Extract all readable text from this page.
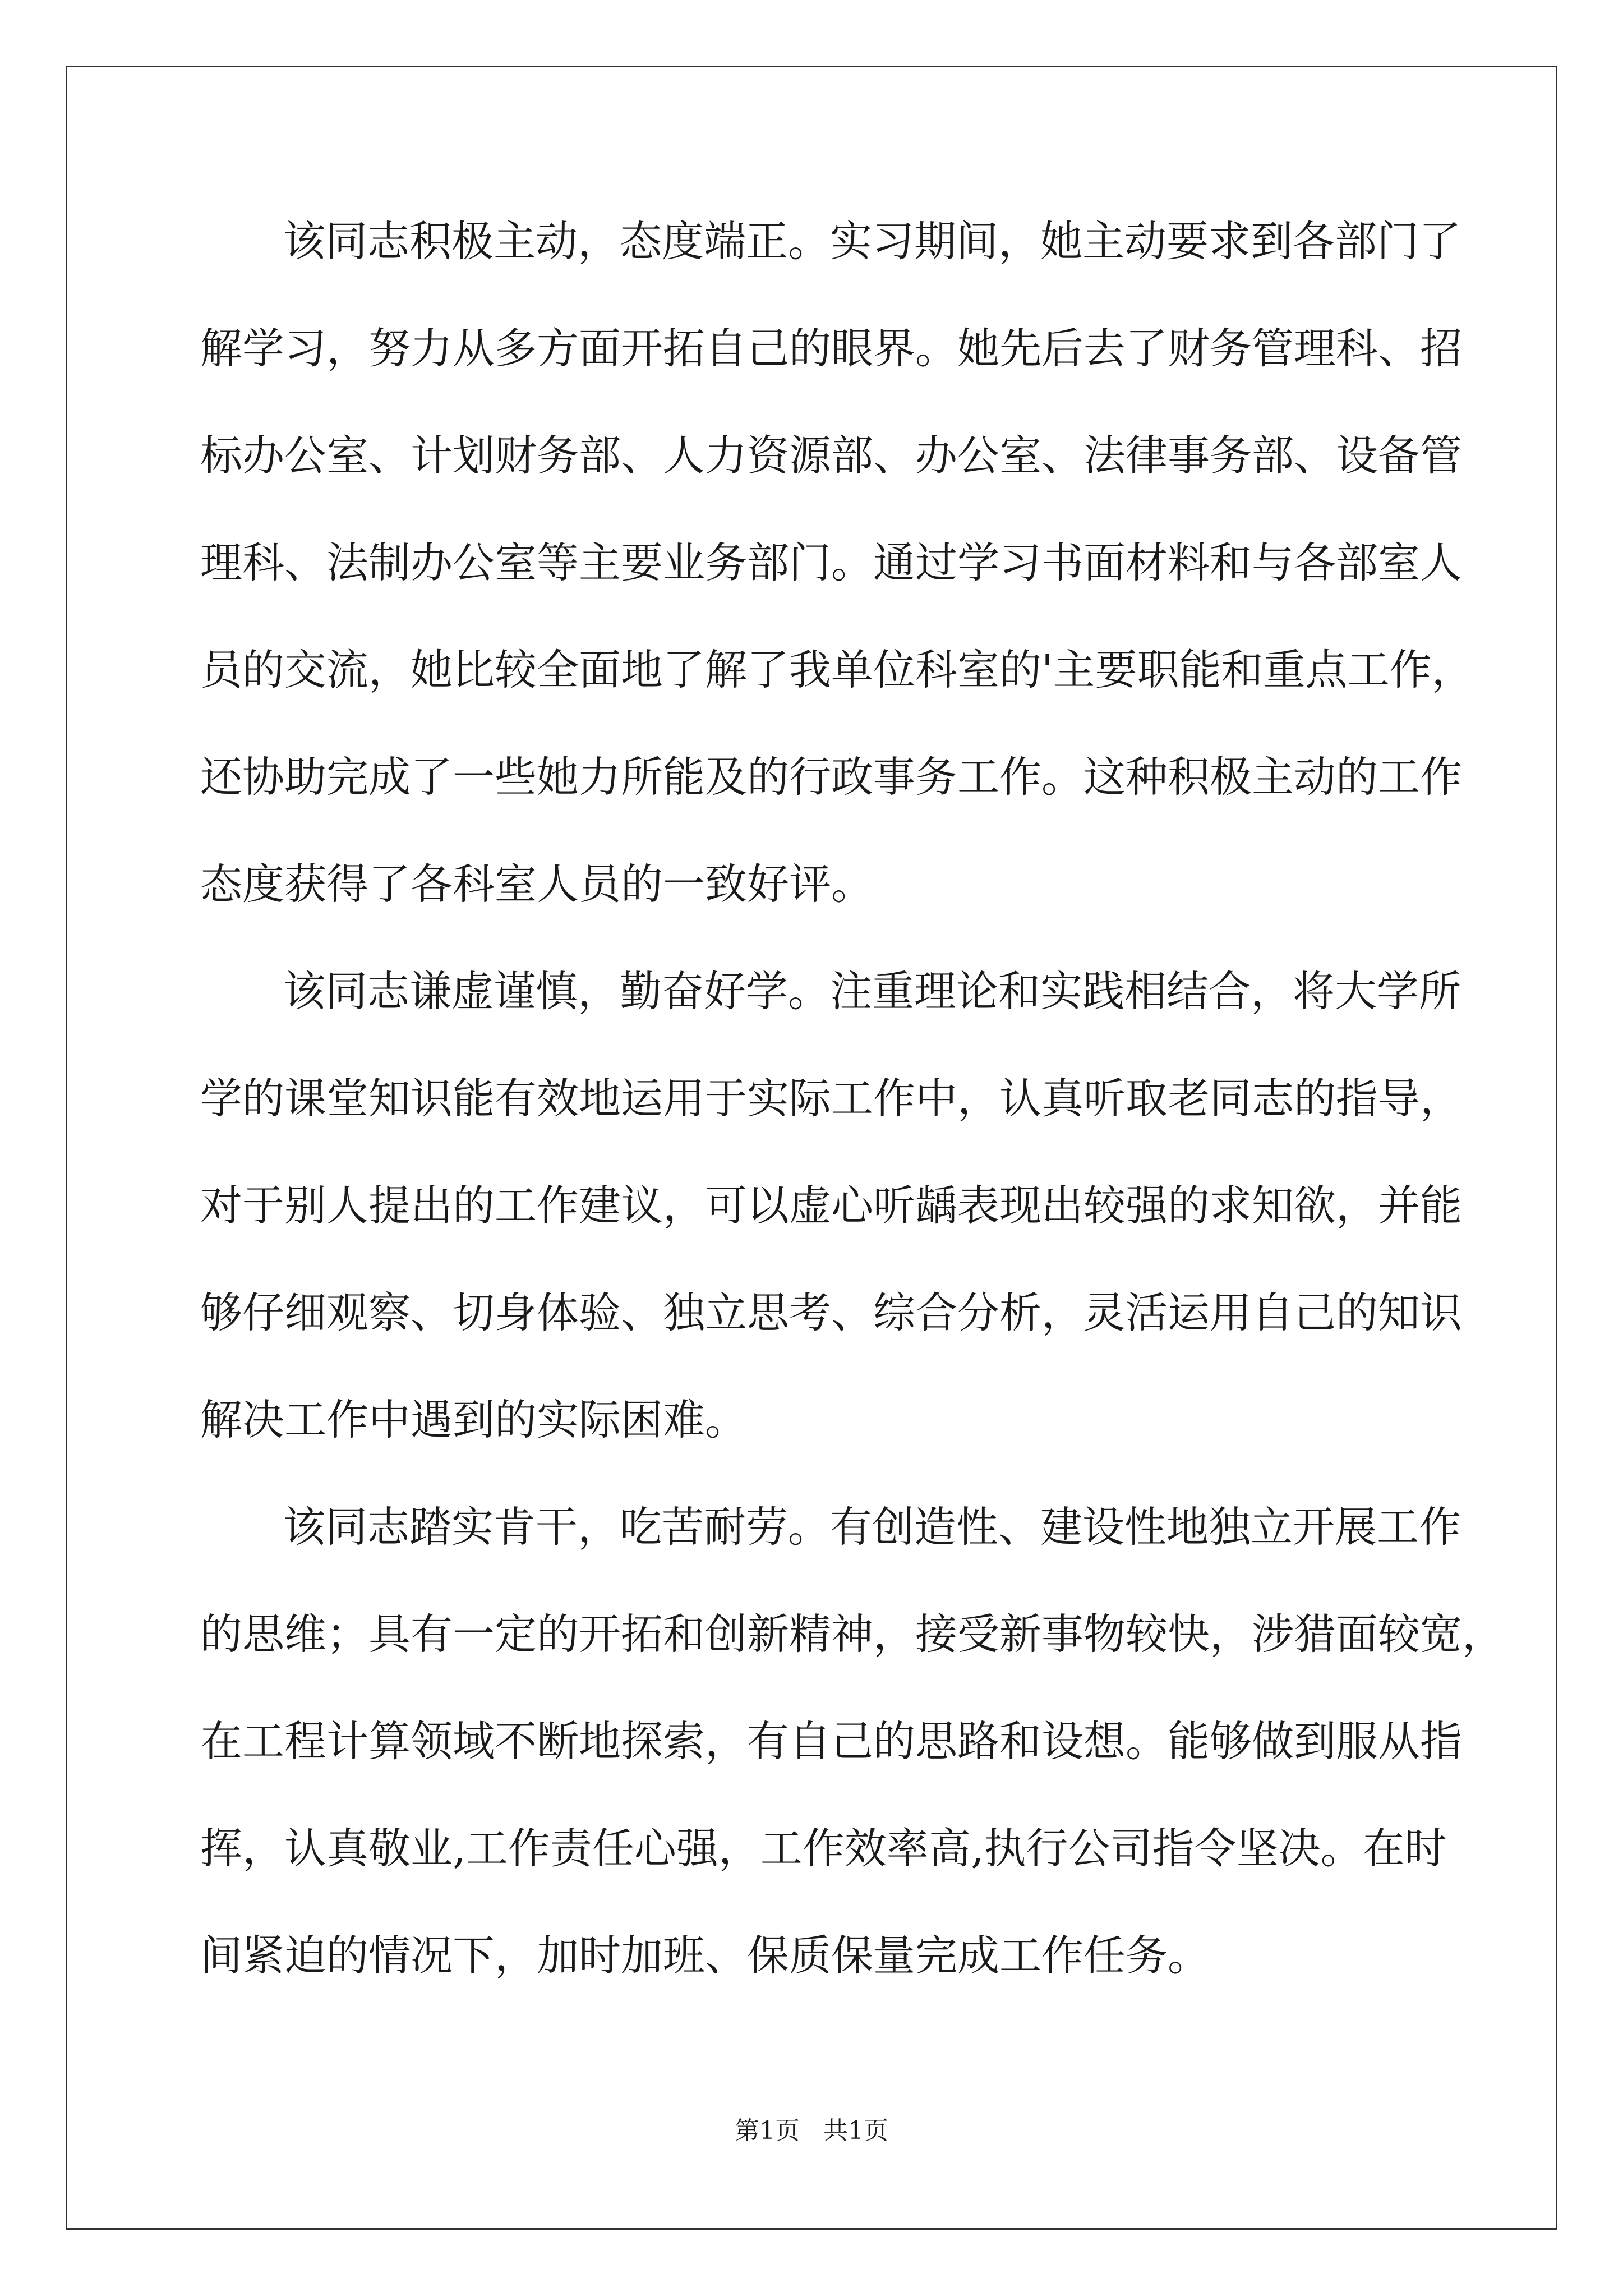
该同志积极主动，态度端正。实习期间，她主动要求到各部门了
解学习，努力从多方面开拓自己的眼界。她先后去了财务管理科、招
标办公室、计划财务部、人力资源部、办公室、法律事务部、设备管
理科、法制办公室等主要业务部门。通过学习书面材料和与各部室人
员的交流，她比较全面地了解了我单位科室的'主要职能和重点工作，
还协助完成了一些她力所能及的行政事务工作。这种积极主动的工作
态度获得了各科室人员的一致好评。
该同志谦虚谨慎，勤奋好学。注重理论和实践相结合，将大学所
学的课堂知识能有效地运用于实际工作中，认真听取老同志的指导，
对于别人提出的工作建议，可以虚心听龋表现出较强的求知欲，并能
够仔细观察、切身体验、独立思考、综合分析，灵活运用自己的知识
解决工作中遇到的实际困难。
该同志踏实肯干，吃苦耐劳。有创造性、建设性地独立开展工作
的思维；具有一定的开拓和创新精神，接受新事物较快，涉猎面较宽，
在工程计算领域不断地探索，有自己的思路和设想。能够做到服从指
挥，认真敬业,工作责任心强，工作效率高,执行公司指令坚决。在时
间紧迫的情况下，加时加班、保质保量完成工作任务。
第1页   共1页
